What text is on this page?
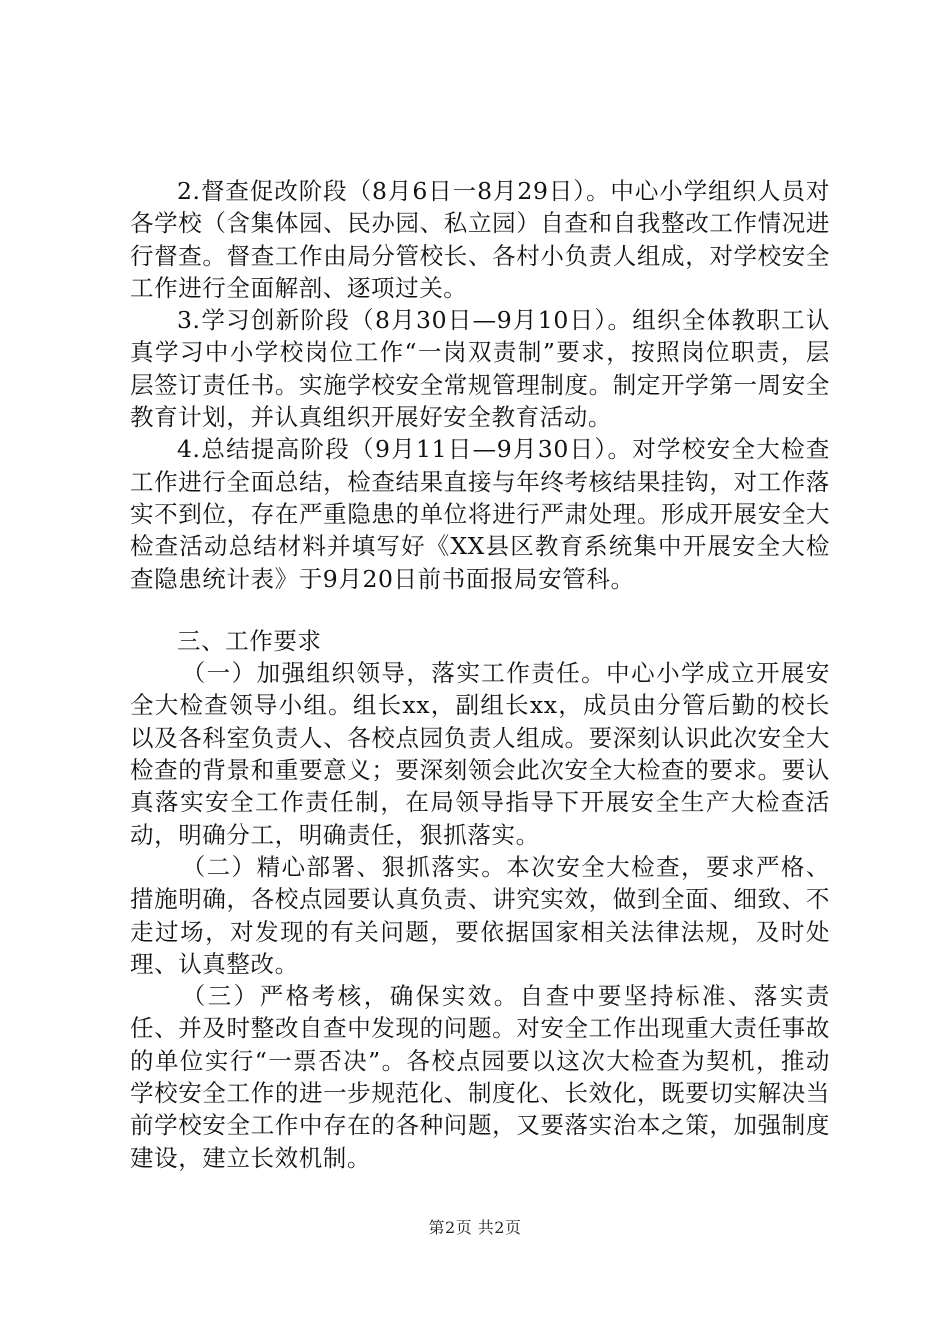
2.督查促改阶段（8月6日一8月29日）。中心小学组织人员对各学校（含集体园、民办园、私立园）自查和自我整改工作情况进行督查。督查工作由局分管校长、各村小负责人组成，对学校安全工作进行全面解剖、逐项过关。

3.学习创新阶段（8月30日—9月10日）。组织全体教职工认真学习中小学校岗位工作“一岗双责制”要求，按照岗位职责，层层签订责任书。实施学校安全常规管理制度。制定开学第一周安全教育计划，并认真组织开展好安全教育活动。

4.总结提高阶段（9月11日—9月30日）。对学校安全大检查工作进行全面总结，检查结果直接与年终考核结果挂钩，对工作落实不到位，存在严重隐患的单位将进行严肃处理。形成开展安全大检查活动总结材料并填写好《XX县区教育系统集中开展安全大检查隐患统计表》于9月20日前书面报局安管科。

三、工作要求

（一）加强组织领导，落实工作责任。中心小学成立开展安全大检查领导小组。组长xx，副组长xx，成员由分管后勤的校长以及各科室负责人、各校点园负责人组成。要深刻认识此次安全大检查的背景和重要意义；要深刻领会此次安全大检查的要求。要认真落实安全工作责任制，在局领导指导下开展安全生产大检查活动，明确分工，明确责任，狠抓落实。

（二）精心部署、狠抓落实。本次安全大检查，要求严格、措施明确，各校点园要认真负责、讲究实效，做到全面、细致、不走过场，对发现的有关问题，要依据国家相关法律法规，及时处理、认真整改。

（三）严格考核，确保实效。自查中要坚持标准、落实责任、并及时整改自查中发现的问题。对安全工作出现重大责任事故的单位实行“一票否决”。各校点园要以这次大检查为契机，推动学校安全工作的进一步规范化、制度化、长效化，既要切实解决当前学校安全工作中存在的各种问题，又要落实治本之策，加强制度建设，建立长效机制。

第2页 共2页
